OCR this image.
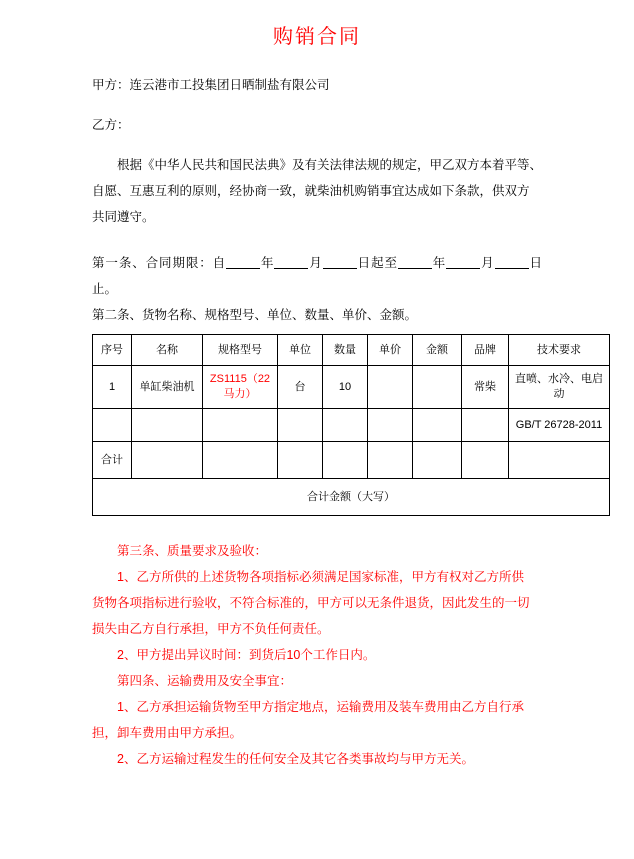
购销合同

甲方：连云港市工投集团日晒制盐有限公司

乙方：

根据《中华人民共和国民法典》及有关法律法规的规定，甲乙双方本着平等、

自愿、互惠互利的原则，经协商一致，就柴油机购销事宜达成如下条款，供双方

共同遵守。

第一条、合同期限：自	年	月	日起至	年	月	日止。

第二条、货物名称、规格型号、单位、数量、单价、金额。

序号	名称	规格型号	单位	数量	单价	金额	品牌	技术要求
1	单缸柴油机	ZS1115（22马力）	台	10			常柴	直喷、水冷、电启动
								GB/T 26728-2011
合计								
合计金额（大写）								

第三条、质量要求及验收：

1、乙方所供的上述货物各项指标必须满足国家标准，甲方有权对乙方所供

货物各项指标进行验收，不符合标准的，甲方可以无条件退货，因此发生的一切

损失由乙方自行承担，甲方不负任何责任。

2、甲方提出异议时间：到货后10个工作日内。

第四条、运输费用及安全事宜：

1、乙方承担运输货物至甲方指定地点，运输费用及装车费用由乙方自行承

担，卸车费用由甲方承担。

2、乙方运输过程发生的任何安全及其它各类事故均与甲方无关。
